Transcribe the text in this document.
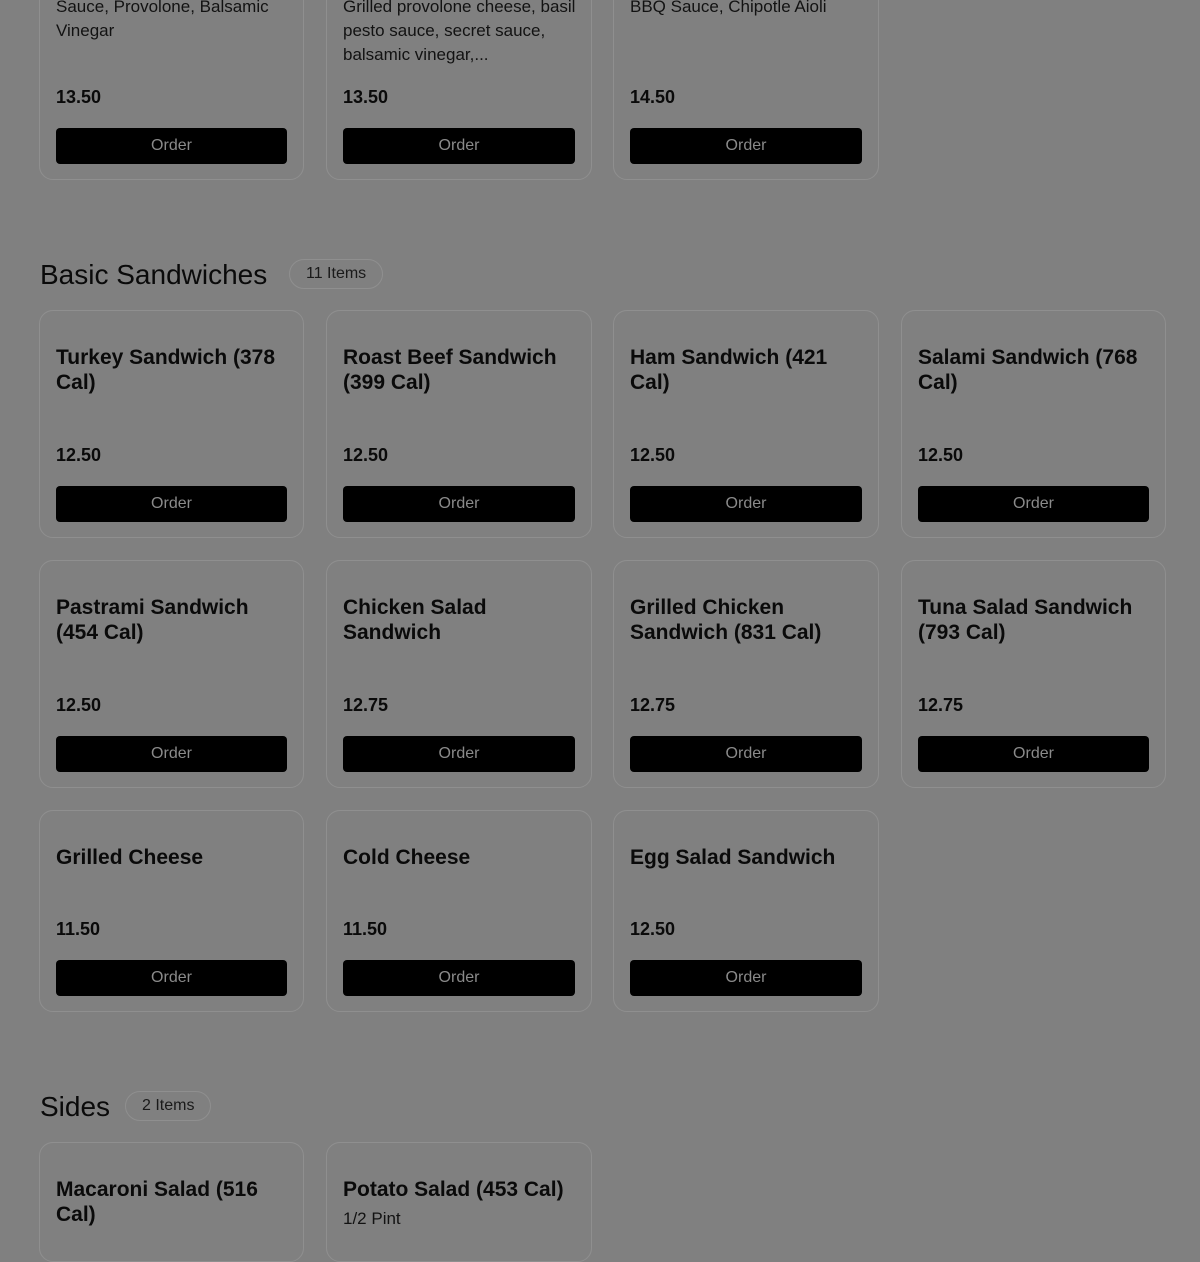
Sauce, Provolone, Balsamic Vinegar
13.50
Order
Grilled provolone cheese, basil pesto sauce, secret sauce, balsamic vinegar,...
13.50
Order
BBQ Sauce, Chipotle Aioli
14.50
Order
Basic Sandwiches	11 Items
Turkey Sandwich (378 Cal)
12.50
Order
Roast Beef Sandwich (399 Cal)
12.50
Order
Ham Sandwich (421 Cal)
12.50
Order
Salami Sandwich (768 Cal)
12.50
Order
Pastrami Sandwich (454 Cal)
12.50
Order
Chicken Salad Sandwich
12.75
Order
Grilled Chicken Sandwich (831 Cal)
12.75
Order
Tuna Salad Sandwich (793 Cal)
12.75
Order
Grilled Cheese
11.50
Order
Cold Cheese
11.50
Order
Egg Salad Sandwich
12.50
Order
Sides	2 Items
Macaroni Salad (516 Cal)
Potato Salad (453 Cal)
1/2 Pint
